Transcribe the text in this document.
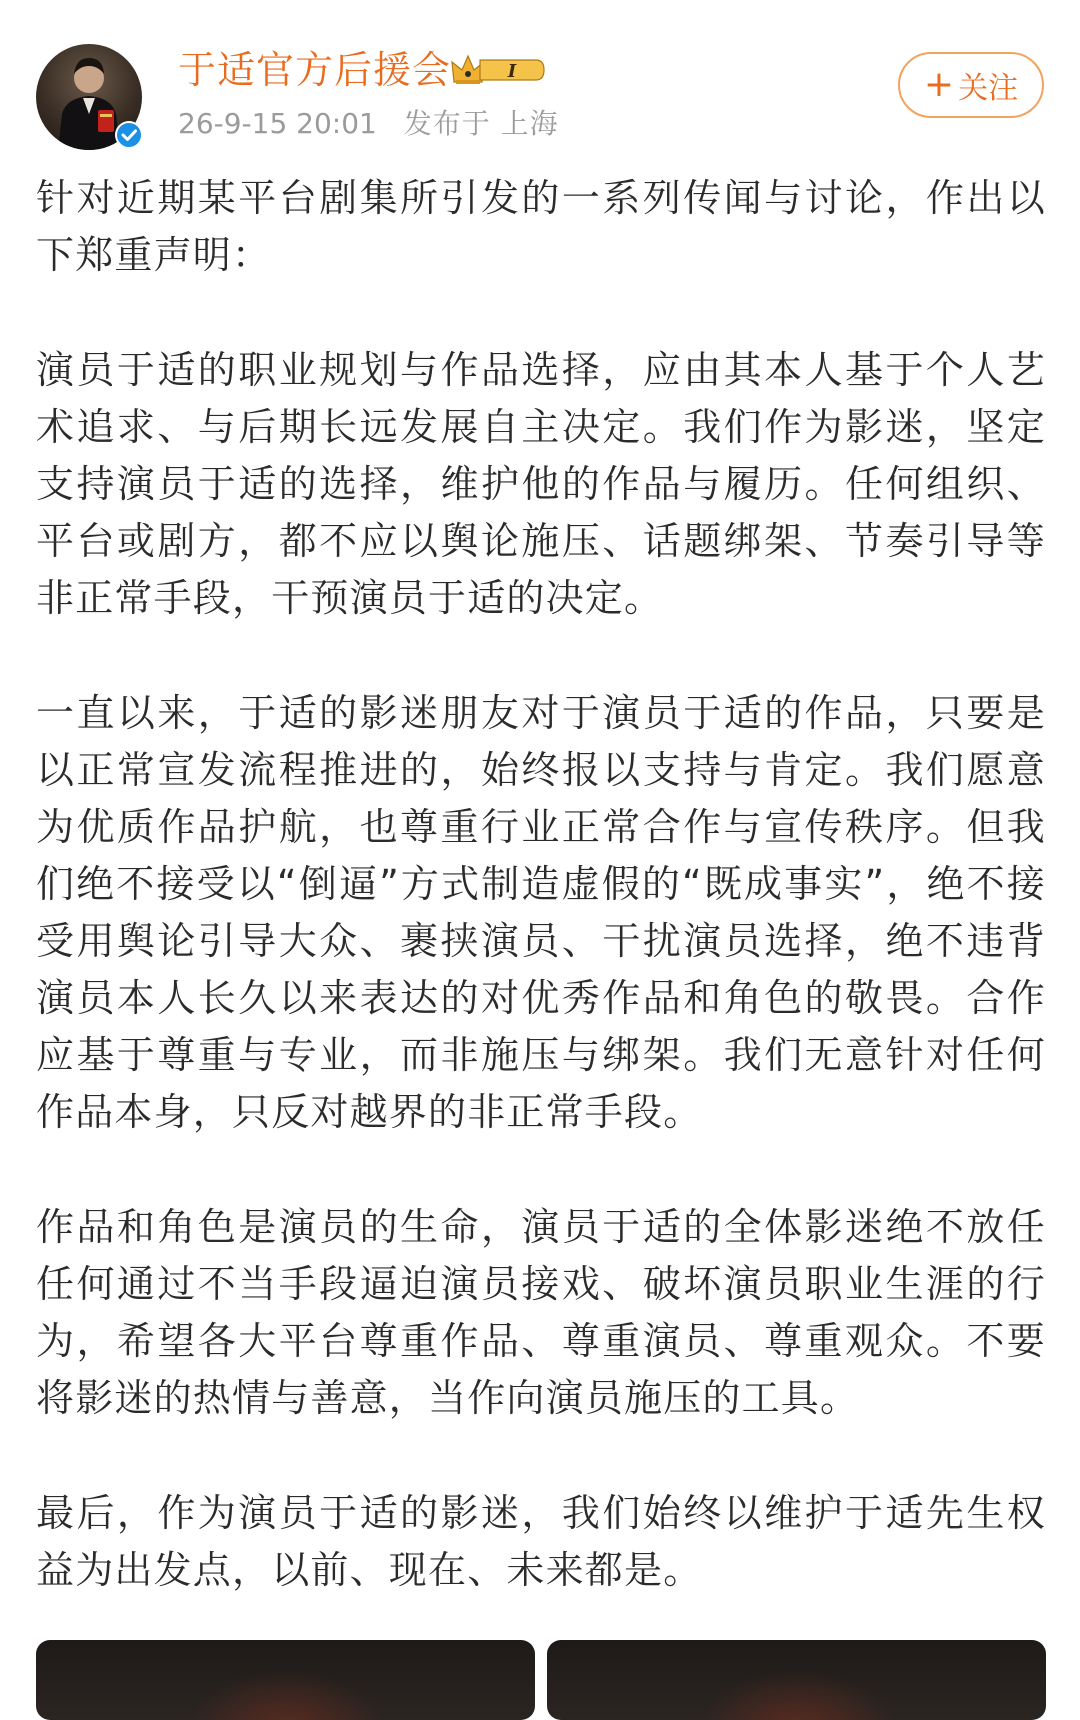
于适官方后援会	I
26-9-15 20:01 发布于 上海
+ 关注

针对近期某平台剧集所引发的一系列传闻与讨论，作出以下郑重声明：

演员于适的职业规划与作品选择，应由其本人基于个人艺术追求、与后期长远发展自主决定。我们作为影迷，坚定支持演员于适的选择，维护他的作品与履历。任何组织、平台或剧方，都不应以舆论施压、话题绑架、节奏引导等非正常手段，干预演员于适的决定。

一直以来，于适的影迷朋友对于演员于适的作品，只要是以正常宣发流程推进的，始终报以支持与肯定。我们愿意为优质作品护航，也尊重行业正常合作与宣传秩序。但我们绝不接受以“倒逼”方式制造虚假的“既成事实”，绝不接受用舆论引导大众、裹挟演员、干扰演员选择，绝不违背演员本人长久以来表达的对优秀作品和角色的敬畏。合作应基于尊重与专业，而非施压与绑架。我们无意针对任何作品本身，只反对越界的非正常手段。

作品和角色是演员的生命，演员于适的全体影迷绝不放任任何通过不当手段逼迫演员接戏、破坏演员职业生涯的行为，希望各大平台尊重作品、尊重演员、尊重观众。不要将影迷的热情与善意，当作向演员施压的工具。

最后，作为演员于适的影迷，我们始终以维护于适先生权益为出发点，以前、现在、未来都是。
